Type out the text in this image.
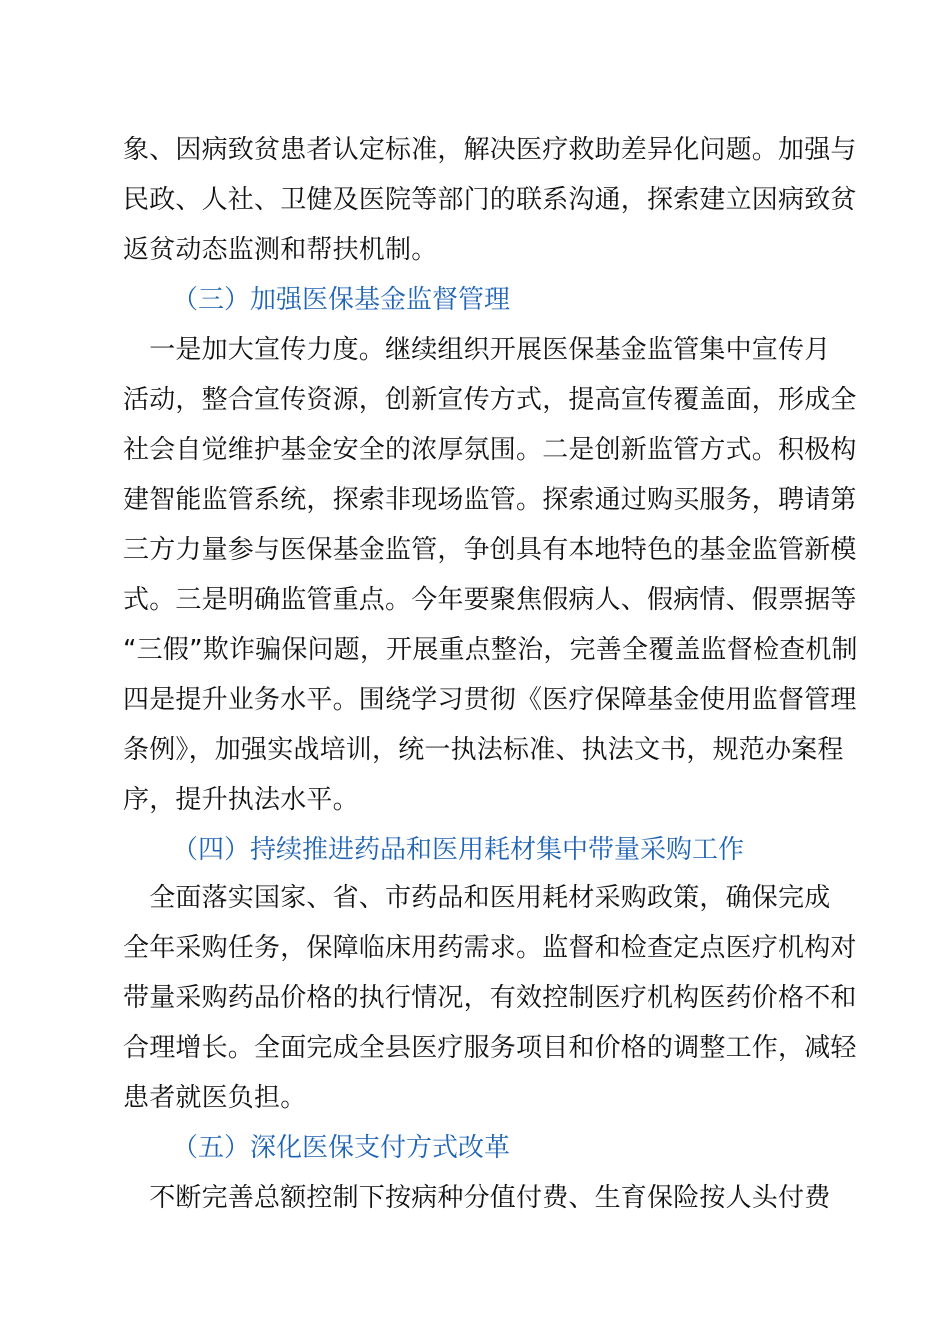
象、因病致贫患者认定标准，解决医疗救助差异化问题。加强与
民政、人社、卫健及医院等部门的联系沟通，探索建立因病致贫
返贫动态监测和帮扶机制。
（三）加强医保基金监督管理
　一是加大宣传力度。继续组织开展医保基金监管集中宣传月
活动，整合宣传资源，创新宣传方式，提高宣传覆盖面，形成全
社会自觉维护基金安全的浓厚氛围。二是创新监管方式。积极构
建智能监管系统，探索非现场监管。探索通过购买服务，聘请第
三方力量参与医保基金监管，争创具有本地特色的基金监管新模
式。三是明确监管重点。今年要聚焦假病人、假病情、假票据等
“三假”欺诈骗保问题，开展重点整治，完善全覆盖监督检查机制
四是提升业务水平。围绕学习贯彻《医疗保障基金使用监督管理
条例》，加强实战培训，统一执法标准、执法文书，规范办案程
序，提升执法水平。
（四）持续推进药品和医用耗材集中带量采购工作
　全面落实国家、省、市药品和医用耗材采购政策，确保完成
全年采购任务，保障临床用药需求。监督和检查定点医疗机构对
带量采购药品价格的执行情况，有效控制医疗机构医药价格不和
合理增长。全面完成全县医疗服务项目和价格的调整工作，减轻
患者就医负担。
（五）深化医保支付方式改革
　不断完善总额控制下按病种分值付费、生育保险按人头付费
